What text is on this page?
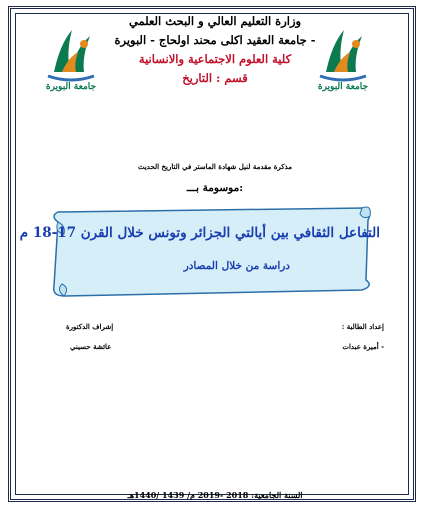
وزارة التعليم العالي و البحث العلمي
جامعة العقيد اكلى محند اولحاج - البويرة -
كلية العلوم الاجتماعية والانسانية
قسم : التاريخ
جامعة البويرة	جامعة البويرة
مذكرة مقدمة لنيل شهادة الماستر في التاريخ الحديث
موسومة بـــ:
التفاعل الثقافي بين أيالتي الجزائر وتونس خلال القرن 17-18 م
دراسة من خلال المصادر
إعداد الطالبة :
- أميرة عبدات
إشراف الدكتورة
عائشة حسيني
السنة الجامعية: 2018 -2019 م/ 1439 /1440هـ
